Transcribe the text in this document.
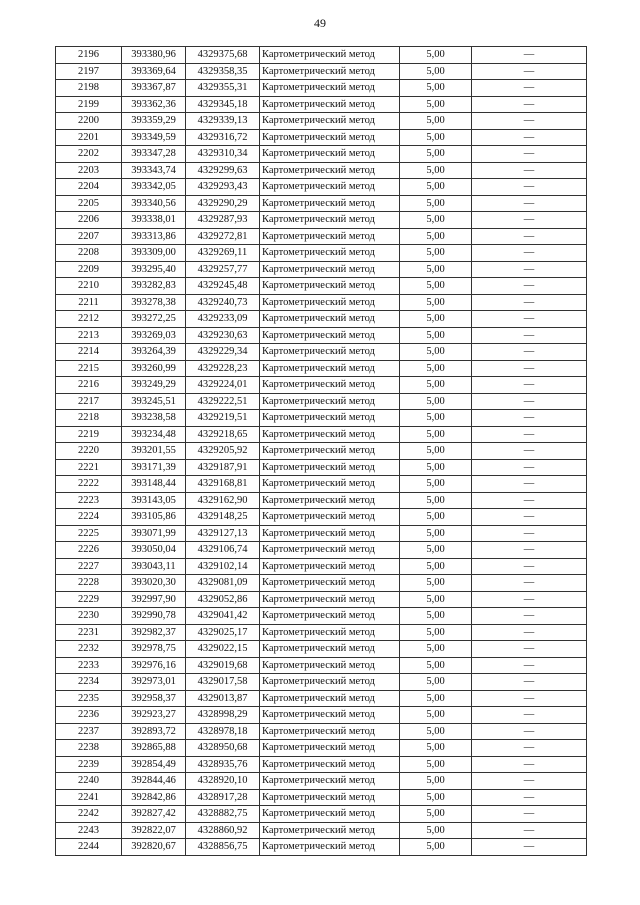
49
2196	393380,96	4329375,68	Картометрический метод	5,00	—
2197	393369,64	4329358,35	Картометрический метод	5,00	—
2198	393367,87	4329355,31	Картометрический метод	5,00	—
2199	393362,36	4329345,18	Картометрический метод	5,00	—
2200	393359,29	4329339,13	Картометрический метод	5,00	—
2201	393349,59	4329316,72	Картометрический метод	5,00	—
2202	393347,28	4329310,34	Картометрический метод	5,00	—
2203	393343,74	4329299,63	Картометрический метод	5,00	—
2204	393342,05	4329293,43	Картометрический метод	5,00	—
2205	393340,56	4329290,29	Картометрический метод	5,00	—
2206	393338,01	4329287,93	Картометрический метод	5,00	—
2207	393313,86	4329272,81	Картометрический метод	5,00	—
2208	393309,00	4329269,11	Картометрический метод	5,00	—
2209	393295,40	4329257,77	Картометрический метод	5,00	—
2210	393282,83	4329245,48	Картометрический метод	5,00	—
2211	393278,38	4329240,73	Картометрический метод	5,00	—
2212	393272,25	4329233,09	Картометрический метод	5,00	—
2213	393269,03	4329230,63	Картометрический метод	5,00	—
2214	393264,39	4329229,34	Картометрический метод	5,00	—
2215	393260,99	4329228,23	Картометрический метод	5,00	—
2216	393249,29	4329224,01	Картометрический метод	5,00	—
2217	393245,51	4329222,51	Картометрический метод	5,00	—
2218	393238,58	4329219,51	Картометрический метод	5,00	—
2219	393234,48	4329218,65	Картометрический метод	5,00	—
2220	393201,55	4329205,92	Картометрический метод	5,00	—
2221	393171,39	4329187,91	Картометрический метод	5,00	—
2222	393148,44	4329168,81	Картометрический метод	5,00	—
2223	393143,05	4329162,90	Картометрический метод	5,00	—
2224	393105,86	4329148,25	Картометрический метод	5,00	—
2225	393071,99	4329127,13	Картометрический метод	5,00	—
2226	393050,04	4329106,74	Картометрический метод	5,00	—
2227	393043,11	4329102,14	Картометрический метод	5,00	—
2228	393020,30	4329081,09	Картометрический метод	5,00	—
2229	392997,90	4329052,86	Картометрический метод	5,00	—
2230	392990,78	4329041,42	Картометрический метод	5,00	—
2231	392982,37	4329025,17	Картометрический метод	5,00	—
2232	392978,75	4329022,15	Картометрический метод	5,00	—
2233	392976,16	4329019,68	Картометрический метод	5,00	—
2234	392973,01	4329017,58	Картометрический метод	5,00	—
2235	392958,37	4329013,87	Картометрический метод	5,00	—
2236	392923,27	4328998,29	Картометрический метод	5,00	—
2237	392893,72	4328978,18	Картометрический метод	5,00	—
2238	392865,88	4328950,68	Картометрический метод	5,00	—
2239	392854,49	4328935,76	Картометрический метод	5,00	—
2240	392844,46	4328920,10	Картометрический метод	5,00	—
2241	392842,86	4328917,28	Картометрический метод	5,00	—
2242	392827,42	4328882,75	Картометрический метод	5,00	—
2243	392822,07	4328860,92	Картометрический метод	5,00	—
2244	392820,67	4328856,75	Картометрический метод	5,00	—
